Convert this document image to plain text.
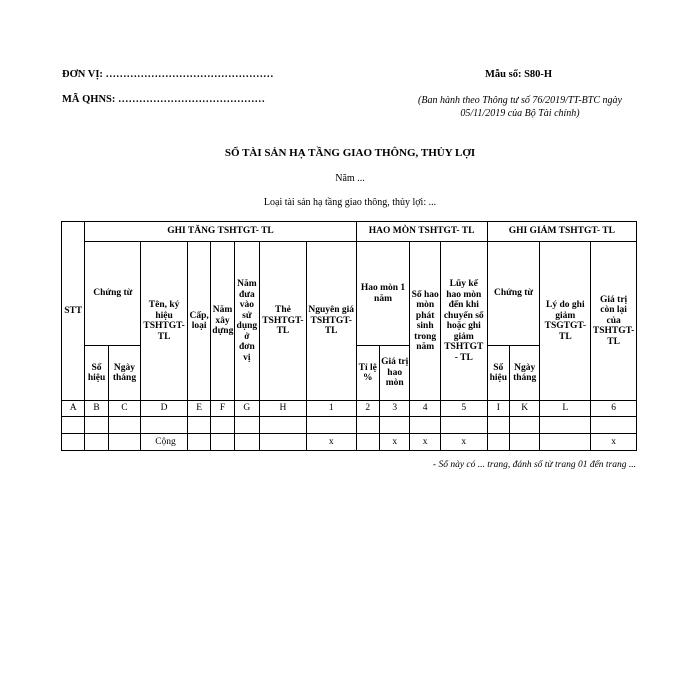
ĐƠN VỊ: …………………………………………
MÃ QHNS: ……………………………………
Mẫu số: S80-H
(Ban hành theo Thông tư số 76/2019/TT-BTC ngày
05/11/2019 của Bộ Tài chính)
SỔ TÀI SẢN HẠ TẦNG GIAO THÔNG, THỦY LỢI
Năm ...
Loại tài sản hạ tầng giao thông, thủy lợi: ...
STT	GHI TĂNG TSHTGT- TL								HAO MÒN TSHTGT- TL				GHI GIẢM TSHTGT- TL			
	Chứng từ		Tên, ký hiệu TSHTGT- TL	Cấp, loại	Năm xây dựng	Năm đưa vào sử dụng ở đơn vị	Thẻ TSHTGT- TL	Nguyên giá TSHTGT- TL	Hao mòn 1 năm		Số hao mòn phát sinh trong năm	Lũy kế hao mòn đến khi chuyển sổ hoặc ghi giảm TSHTGT - TL	Chứng từ		Lý do ghi giảm TSGTGT- TL	Giá trị còn lại của TSHTGT- TL
	Số hiệu	Ngày tháng							Tỉ lệ %	Giá trị hao mòn			Số hiệu	Ngày tháng		
A	B	C	D	E	F	G	H	1	2	3	4	5	I	K	L	6

			Cộng					x		x	x	x				x
- Sổ này có ... trang, đánh số từ trang 01 đến trang ...
